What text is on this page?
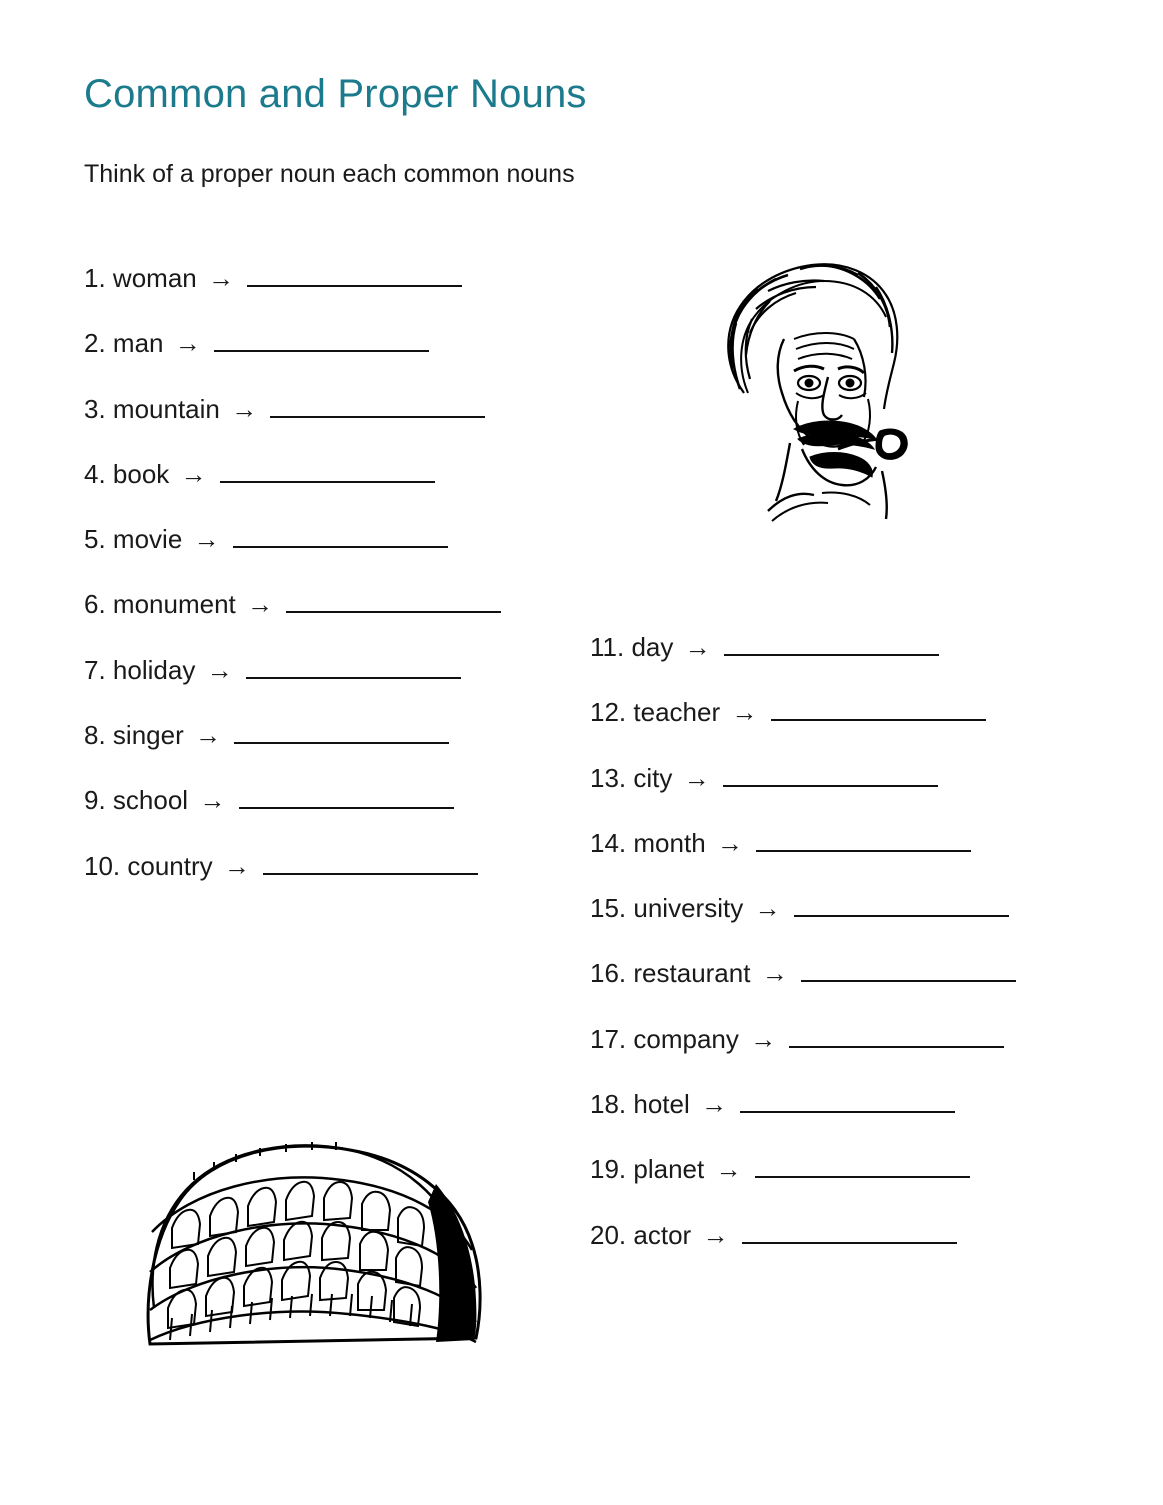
Common and Proper Nouns
Think of a proper noun each common nouns
1. woman →
2. man →
3. mountain →
4. book →
5. movie →
6. monument →
7. holiday →
8. singer →
9. school →
10. country →
11. day →
12. teacher →
13. city →
14. month →
15. university →
16. restaurant →
17. company →
18. hotel →
19. planet →
20. actor →
